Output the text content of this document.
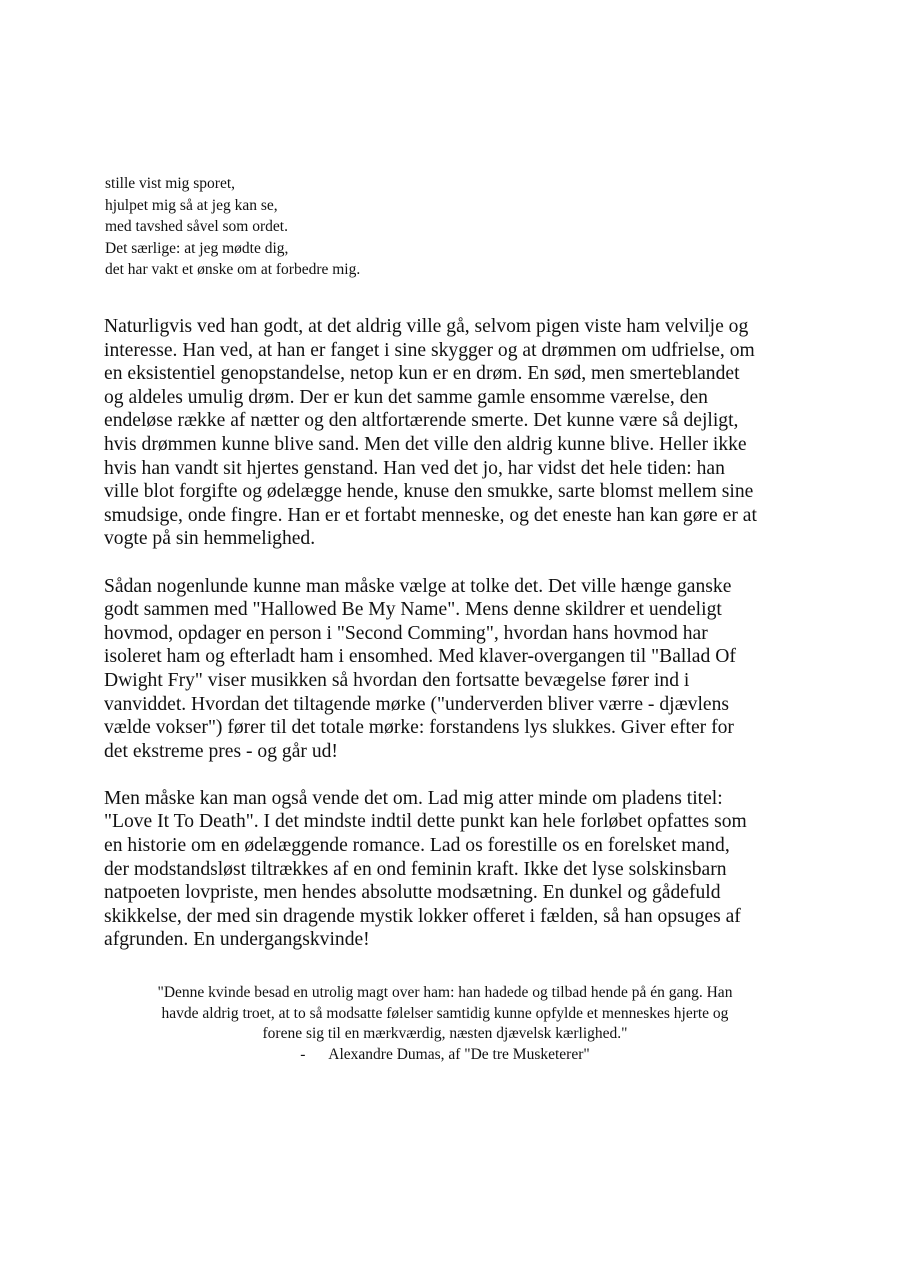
stille vist mig sporet,
hjulpet mig så at jeg kan se,
med tavshed såvel som ordet.
Det særlige: at jeg mødte dig,
det har vakt et ønske om at forbedre mig.

Naturligvis ved han godt, at det aldrig ville gå, selvom pigen viste ham velvilje og
interesse. Han ved, at han er fanget i sine skygger og at drømmen om udfrielse, om
en eksistentiel genopstandelse, netop kun er en drøm. En sød, men smerteblandet
og aldeles umulig drøm. Der er kun det samme gamle ensomme værelse, den
endeløse række af nætter og den altfortærende smerte. Det kunne være så dejligt,
hvis drømmen kunne blive sand. Men det ville den aldrig kunne blive. Heller ikke
hvis han vandt sit hjertes genstand. Han ved det jo, har vidst det hele tiden: han
ville blot forgifte og ødelægge hende, knuse den smukke, sarte blomst mellem sine
smudsige, onde fingre. Han er et fortabt menneske, og det eneste han kan gøre er at
vogte på sin hemmelighed.

Sådan nogenlunde kunne man måske vælge at tolke det. Det ville hænge ganske
godt sammen med "Hallowed Be My Name". Mens denne skildrer et uendeligt
hovmod, opdager en person i "Second Comming", hvordan hans hovmod har
isoleret ham og efterladt ham i ensomhed. Med klaver-overgangen til "Ballad Of
Dwight Fry" viser musikken så hvordan den fortsatte bevægelse fører ind i
vanviddet. Hvordan det tiltagende mørke ("underverden bliver værre - djævlens
vælde vokser") fører til det totale mørke: forstandens lys slukkes. Giver efter for
det ekstreme pres - og går ud!

Men måske kan man også vende det om. Lad mig atter minde om pladens titel:
"Love It To Death". I det mindste indtil dette punkt kan hele forløbet opfattes som
en historie om en ødelæggende romance. Lad os forestille os en forelsket mand,
der modstandsløst tiltrækkes af en ond feminin kraft. Ikke det lyse solskinsbarn
natpoeten lovpriste, men hendes absolutte modsætning. En dunkel og gådefuld
skikkelse, der med sin dragende mystik lokker offeret i fælden, så han opsuges af
afgrunden. En undergangskvinde!

"Denne kvinde besad en utrolig magt over ham: han hadede og tilbad hende på én gang. Han
havde aldrig troet, at to så modsatte følelser samtidig kunne opfylde et menneskes hjerte og
forene sig til en mærkværdig, næsten djævelsk kærlighed."
- Alexandre Dumas, af "De tre Musketerer"
